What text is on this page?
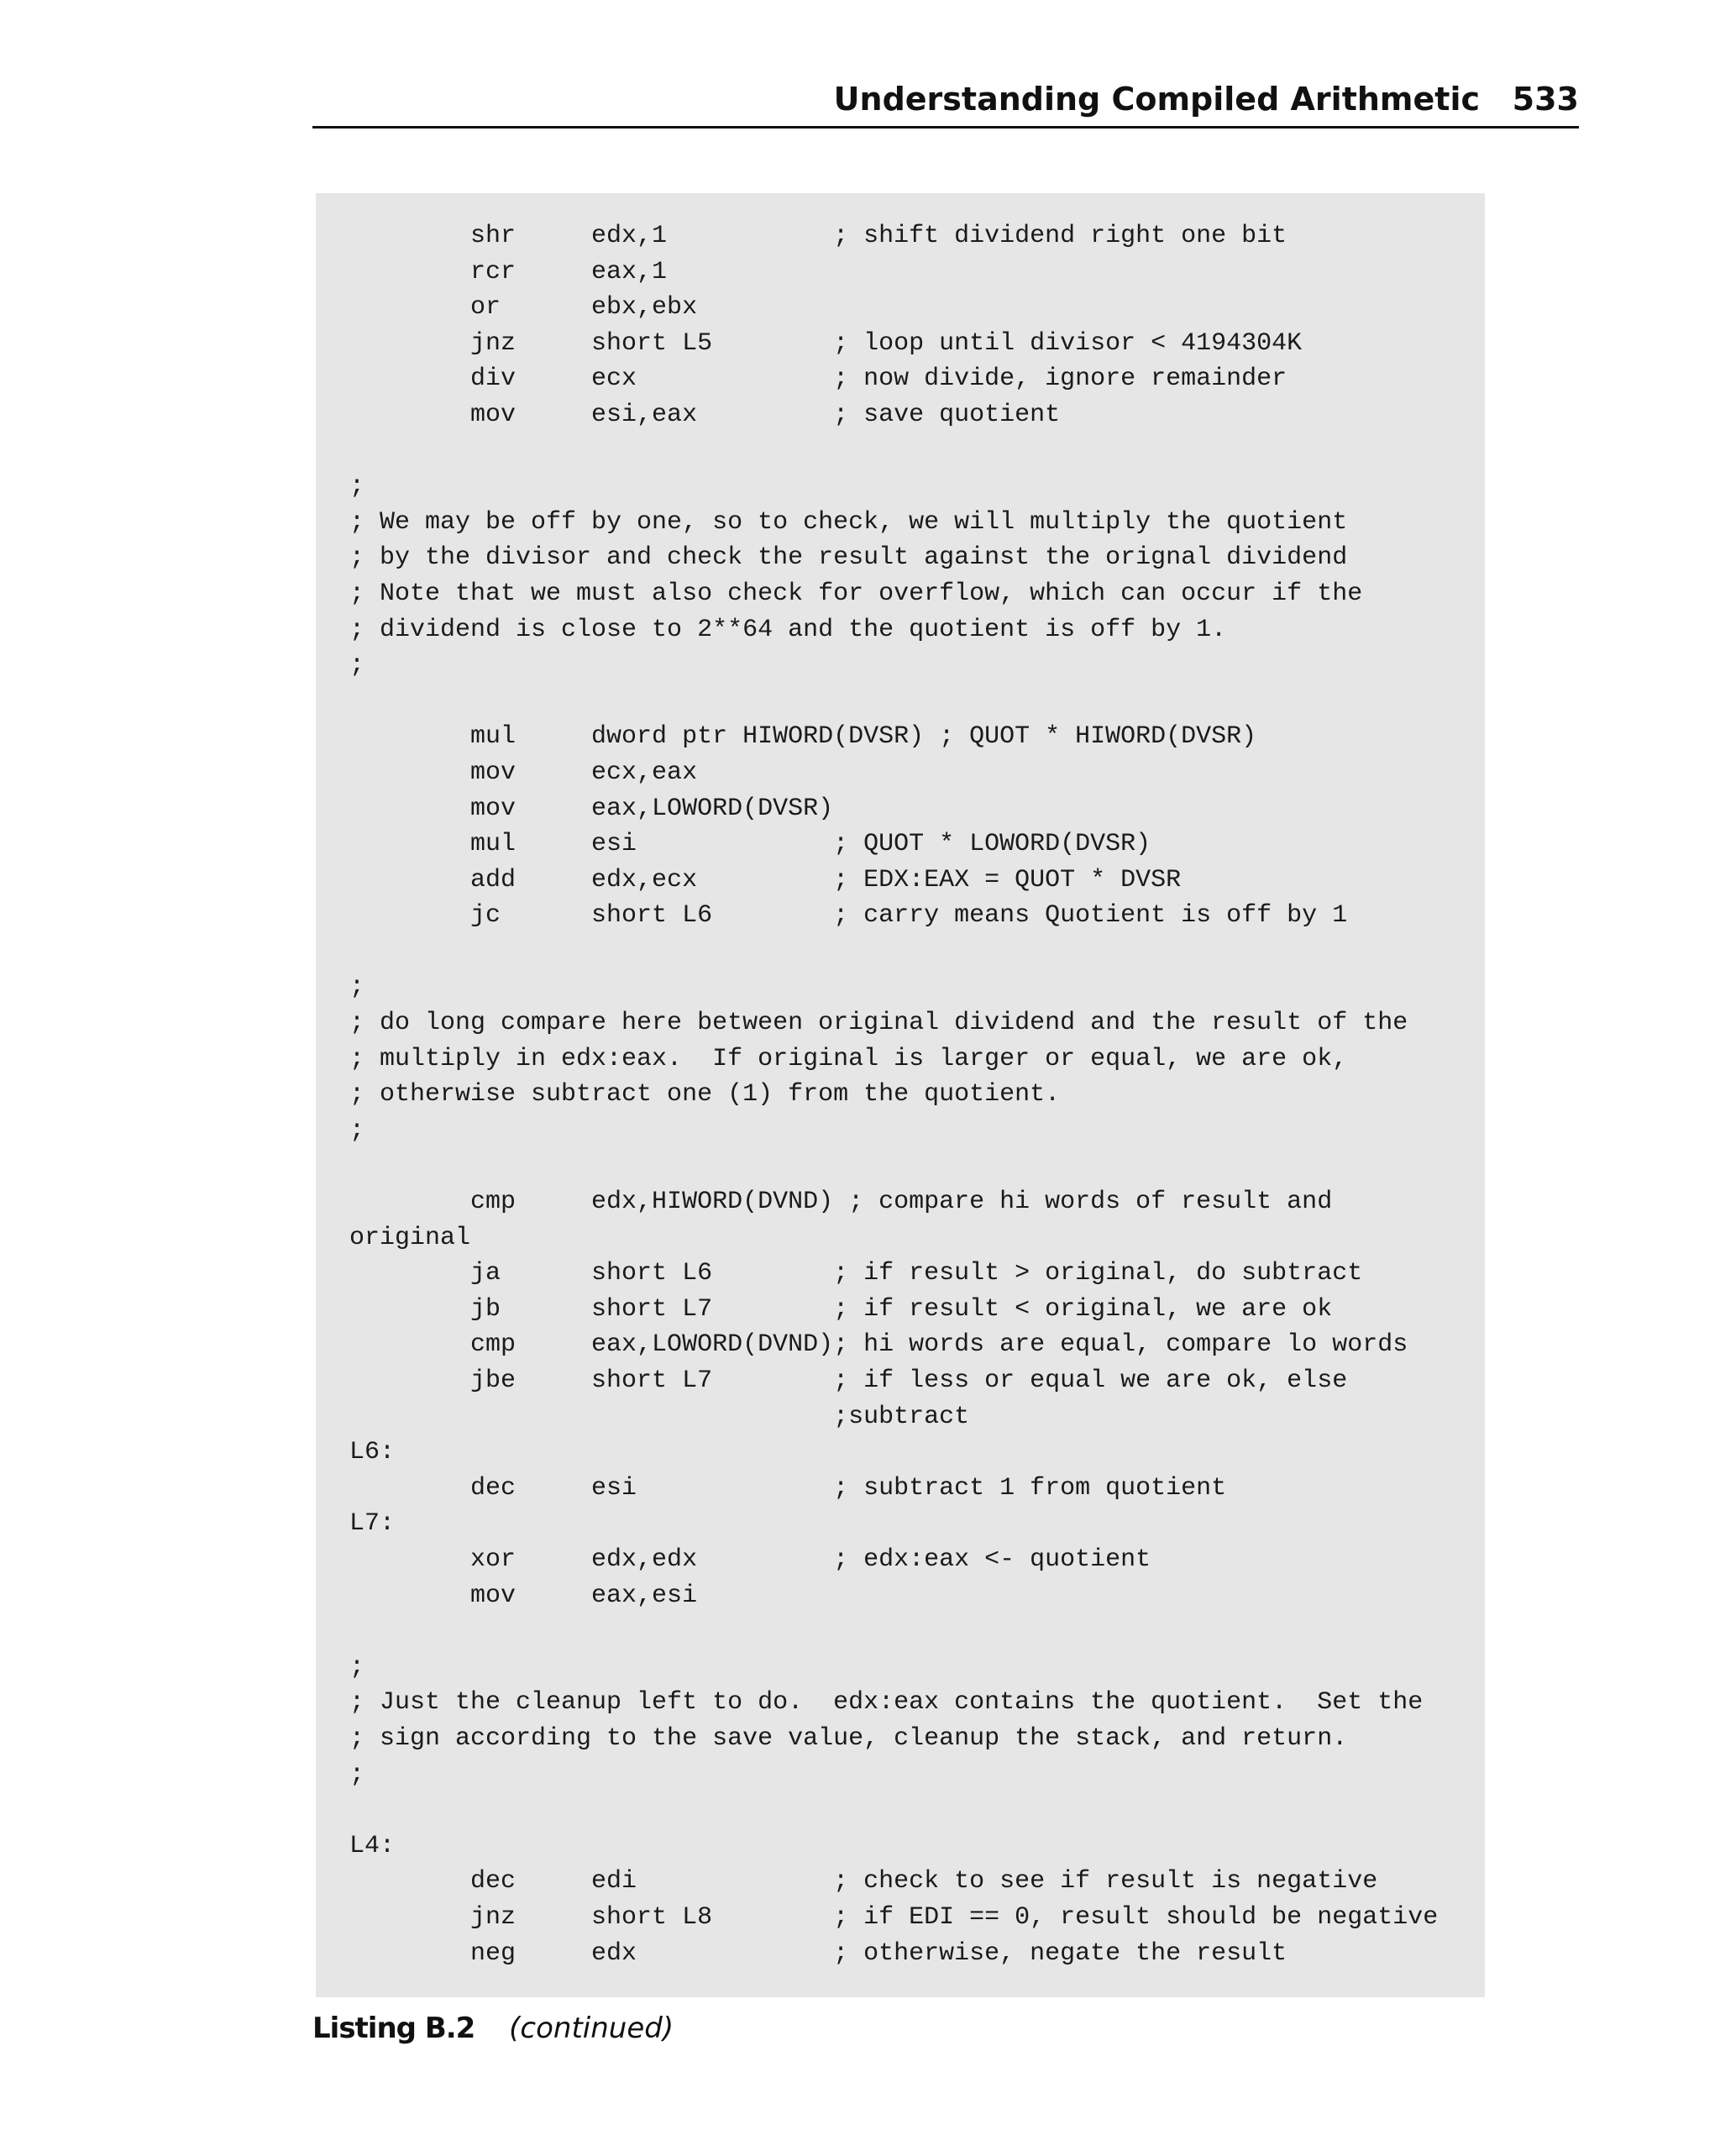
Understanding Compiled Arithmetic 533
shr     edx,1           ; shift dividend right one bit
rcr     eax,1
or      ebx,ebx
jnz     short L5        ; loop until divisor < 4194304K
div     ecx             ; now divide, ignore remainder
mov     esi,eax         ; save quotient
;
; We may be off by one, so to check, we will multiply the quotient
; by the divisor and check the result against the orignal dividend
; Note that we must also check for overflow, which can occur if the
; dividend is close to 2**64 and the quotient is off by 1.
;
mul     dword ptr HIWORD(DVSR) ; QUOT * HIWORD(DVSR)
mov     ecx,eax
mov     eax,LOWORD(DVSR)
mul     esi             ; QUOT * LOWORD(DVSR)
add     edx,ecx         ; EDX:EAX = QUOT * DVSR
jc      short L6        ; carry means Quotient is off by 1
;
; do long compare here between original dividend and the result of the
; multiply in edx:eax.  If original is larger or equal, we are ok,
; otherwise subtract one (1) from the quotient.
;
cmp     edx,HIWORD(DVND) ; compare hi words of result and
original
ja      short L6        ; if result > original, do subtract
jb      short L7        ; if result < original, we are ok
cmp     eax,LOWORD(DVND); hi words are equal, compare lo words
jbe     short L7        ; if less or equal we are ok, else
;subtract
L6:
dec     esi             ; subtract 1 from quotient
L7:
xor     edx,edx         ; edx:eax <- quotient
mov     eax,esi
;
; Just the cleanup left to do.  edx:eax contains the quotient.  Set the
; sign according to the save value, cleanup the stack, and return.
;
L4:
dec     edi             ; check to see if result is negative
jnz     short L8        ; if EDI == 0, result should be negative
neg     edx             ; otherwise, negate the result
Listing B.2 (continued)
